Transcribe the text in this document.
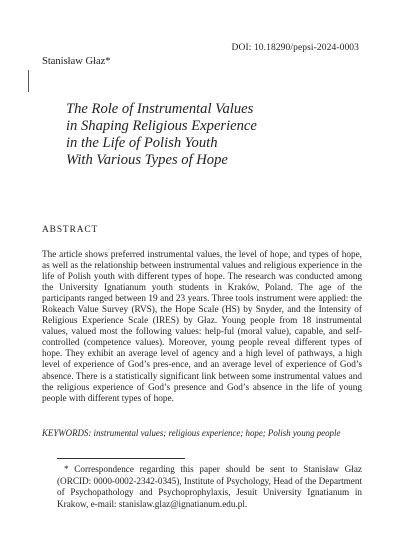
DOI: 10.18290/pepsi-2024-0003
Stanisław Głaz*
The Role of Instrumental Values
in Shaping Religious Experience
in the Life of Polish Youth
With Various Types of Hope
ABSTRACT

The article shows preferred instrumental values, the level of hope, and types of hope, as well as the relationship between instrumental values and religious experience in the life of Polish youth with different types of hope. The research was conducted among the University Ignatianum youth students in Kraków, Poland. The age of the participants ranged between 19 and 23 years. Three tools instrument were applied: the Rokeach Value Survey (RVS), the Hope Scale (HS) by Snyder, and the Intensity of Religious Experience Scale (IRES) by Głaz. Young people from 18 instrumental values, valued most the following values: help-ful (moral value), capable, and self-controlled (competence values). Moreover, young people reveal different types of hope. They exhibit an average level of agency and a high level of pathways, a high level of experience of God’s pres-ence, and an average level of experience of God’s absence. There is a statistically significant link between some instrumental values and the religious experience of God’s presence and God’s absence in the life of young people with different types of hope.

KEYWORDS: instrumental values; religious experience; hope; Polish young people
* Correspondence regarding this paper should be sent to Stanisław Głaz (ORCID: 0000-0002-2342-0345), Institute of Psychology, Head of the Department of Psychopathology and Psychoprophylaxis, Jesuit University Ignatianum in Krakow, e-mail: stanislaw.glaz@ignatianum.edu.pl.
